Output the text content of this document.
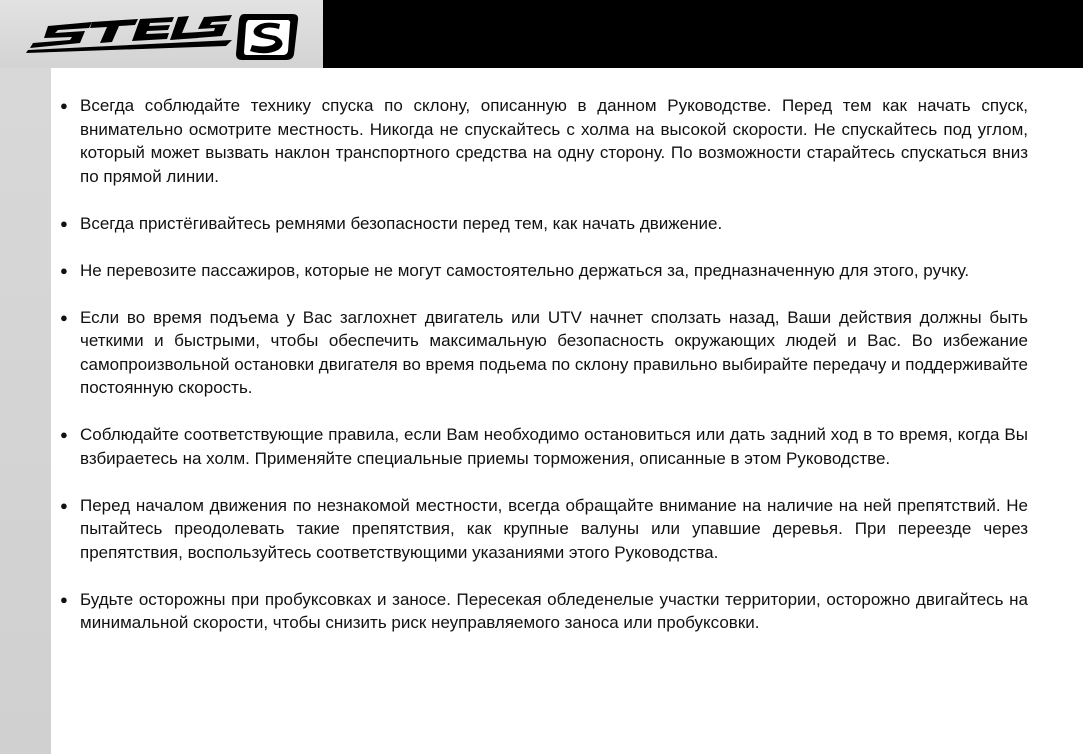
● Всегда соблюдайте технику спуска по склону, описанную в данном Руководстве. Перед тем как начать спуск, внимательно осмотрите местность. Никогда не спускайтесь с холма на высокой скорости. Не спускайтесь под углом, который может вызвать наклон транспортного средства на одну сторону. По возможности старайтесь спускаться вниз по прямой линии.
● Всегда пристёгивайтесь ремнями безопасности перед тем, как начать движение.
● Не перевозите пассажиров, которые не могут самостоятельно держаться за, предназначенную для этого, ручку.
● Если во время подъема у Вас заглохнет двигатель или UTV начнет сползать назад, Ваши действия должны быть четкими и быстрыми, чтобы обеспечить максимальную безопасность окружающих людей и Вас. Во избежание самопроизвольной остановки двигателя во время подьема по склону правильно выбирайте передачу и поддерживайте постоянную скорость.
● Соблюдайте соответствующие правила, если Вам необходимо остановиться или дать задний ход в то время, когда Вы взбираетесь на холм. Применяйте специальные приемы торможения, описанные в этом Руководстве.
● Перед началом движения по незнакомой местности, всегда обращайте внимание на наличие на ней препятствий. Не пытайтесь преодолевать такие препятствия, как крупные валуны или упавшие деревья. При переезде через препятствия, воспользуйтесь соответствующими указаниями этого Руководства.
● Будьте осторожны при пробуксовках и заносе. Пересекая обледенелые участки территории, осторожно двигайтесь на минимальной скорости, чтобы снизить риск неуправляемого заноса или пробуксовки.
